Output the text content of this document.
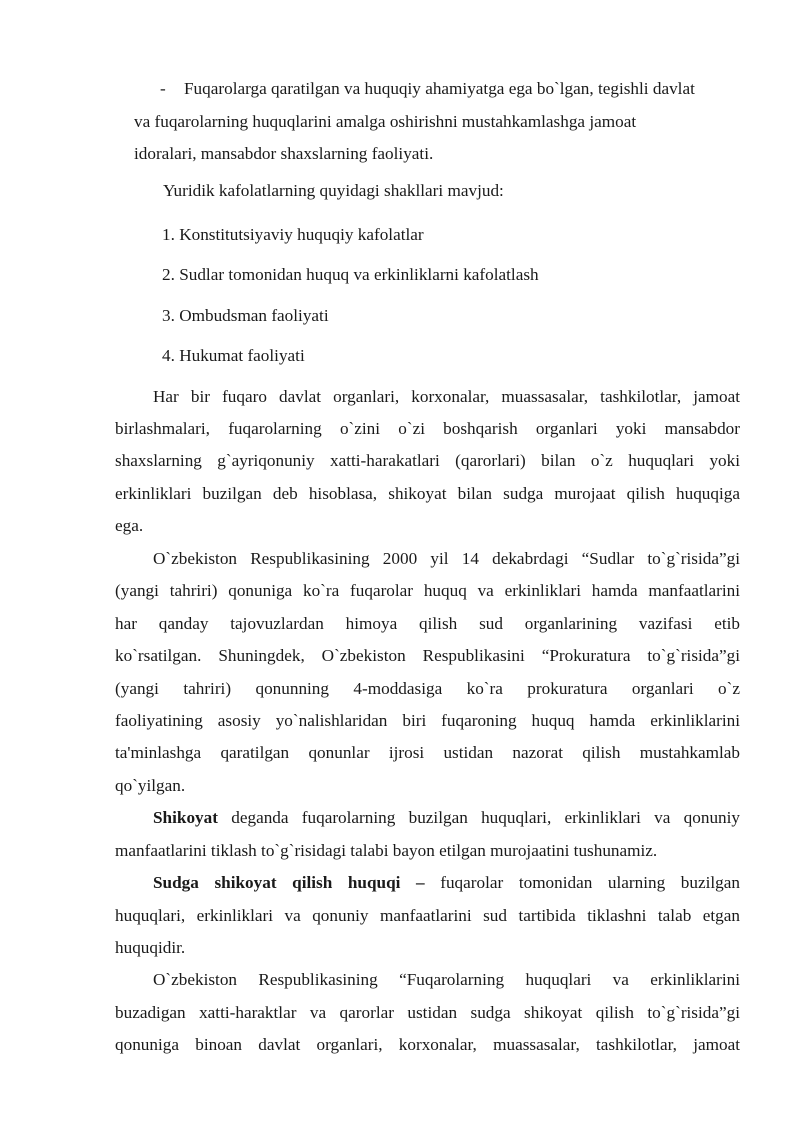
- Fuqarolarga qaratilgan va huquqiy ahamiyatga ega bo`lgan, tegishli davlat
va fuqarolarning huquqlarini amalga oshirishni mustahkamlashga jamoat
idoralari, mansabdor shaxslarning faoliyati.
Yuridik kafolatlarning quyidagi shakllari mavjud:
1. Konstitutsiyaviy huquqiy kafolatlar
2. Sudlar tomonidan huquq va erkinliklarni kafolatlash
3. Ombudsman faoliyati
4. Hukumat faoliyati
Har bir fuqaro davlat organlari, korxonalar, muassasalar, tashkilotlar, jamoat
birlashmalari, fuqarolarning o`zini o`zi boshqarish organlari yoki mansabdor
shaxslarning g`ayriqonuniy xatti-harakatlari (qarorlari) bilan o`z huquqlari yoki
erkinliklari buzilgan deb hisoblasa, shikoyat bilan sudga murojaat qilish huquqiga
ega.
O`zbekiston Respublikasining 2000 yil 14 dekabrdagi “Sudlar to`g`risida”gi
(yangi tahriri) qonuniga ko`ra fuqarolar huquq va erkinliklari hamda manfaatlarini
har qanday tajovuzlardan himoya qilish sud organlarining vazifasi etib
ko`rsatilgan. Shuningdek, O`zbekiston Respublikasini “Prokuratura to`g`risida”gi
(yangi tahriri) qonunning 4-moddasiga ko`ra prokuratura organlari o`z
faoliyatining asosiy yo`nalishlaridan biri fuqaroning huquq hamda erkinliklarini
ta'minlashga qaratilgan qonunlar ijrosi ustidan nazorat qilish mustahkamlab
qo`yilgan.
Shikoyat deganda fuqarolarning buzilgan huquqlari, erkinliklari va qonuniy
manfaatlarini tiklash to`g`risidagi talabi bayon etilgan murojaatini tushunamiz.
Sudga shikoyat qilish huquqi – fuqarolar tomonidan ularning buzilgan
huquqlari, erkinliklari va qonuniy manfaatlarini sud tartibida tiklashni talab etgan
huquqidir.
O`zbekiston Respublikasining “Fuqarolarning huquqlari va erkinliklarini
buzadigan xatti-haraktlar va qarorlar ustidan sudga shikoyat qilish to`g`risida”gi
qonuniga binoan davlat organlari, korxonalar, muassasalar, tashkilotlar, jamoat
